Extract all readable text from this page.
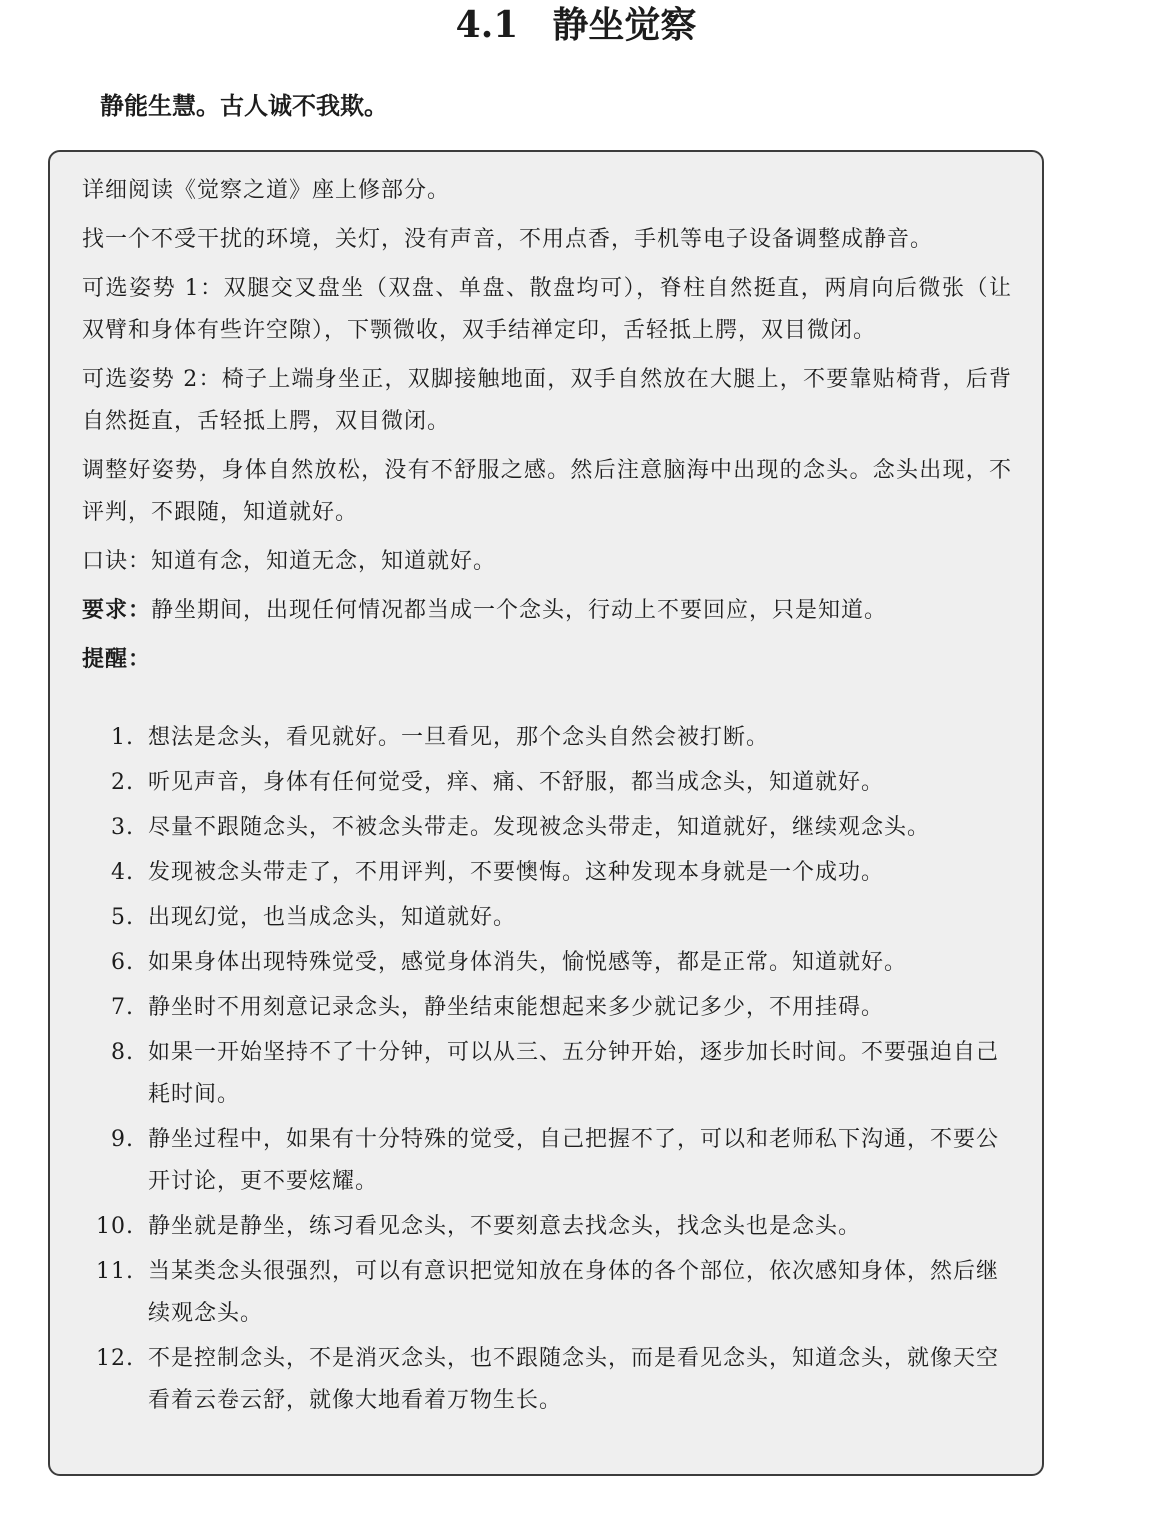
4.1 静坐觉察

静能生慧。古人诚不我欺。

详细阅读《觉察之道》座上修部分。

找一个不受干扰的环境，关灯，没有声音，不用点香，手机等电子设备调整成静音。

可选姿势 1：双腿交叉盘坐（双盘、单盘、散盘均可），脊柱自然挺直，两肩向后微张（让双臂和身体有些许空隙），下颚微收，双手结禅定印，舌轻抵上腭，双目微闭。

可选姿势 2：椅子上端身坐正，双脚接触地面，双手自然放在大腿上，不要靠贴椅背，后背自然挺直，舌轻抵上腭，双目微闭。

调整好姿势，身体自然放松，没有不舒服之感。然后注意脑海中出现的念头。念头出现，不评判，不跟随，知道就好。

口诀：知道有念，知道无念，知道就好。

要求：静坐期间，出现任何情况都当成一个念头，行动上不要回应，只是知道。

提醒：

1. 想法是念头，看见就好。一旦看见，那个念头自然会被打断。
2. 听见声音，身体有任何觉受，痒、痛、不舒服，都当成念头，知道就好。
3. 尽量不跟随念头，不被念头带走。发现被念头带走，知道就好，继续观念头。
4. 发现被念头带走了，不用评判，不要懊悔。这种发现本身就是一个成功。
5. 出现幻觉，也当成念头，知道就好。
6. 如果身体出现特殊觉受，感觉身体消失，愉悦感等，都是正常。知道就好。
7. 静坐时不用刻意记录念头，静坐结束能想起来多少就记多少，不用挂碍。
8. 如果一开始坚持不了十分钟，可以从三、五分钟开始，逐步加长时间。不要强迫自己耗时间。
9. 静坐过程中，如果有十分特殊的觉受，自己把握不了，可以和老师私下沟通，不要公开讨论，更不要炫耀。
10. 静坐就是静坐，练习看见念头，不要刻意去找念头，找念头也是念头。
11. 当某类念头很强烈，可以有意识把觉知放在身体的各个部位，依次感知身体，然后继续观念头。
12. 不是控制念头，不是消灭念头，也不跟随念头，而是看见念头，知道念头，就像天空看着云卷云舒，就像大地看着万物生长。
